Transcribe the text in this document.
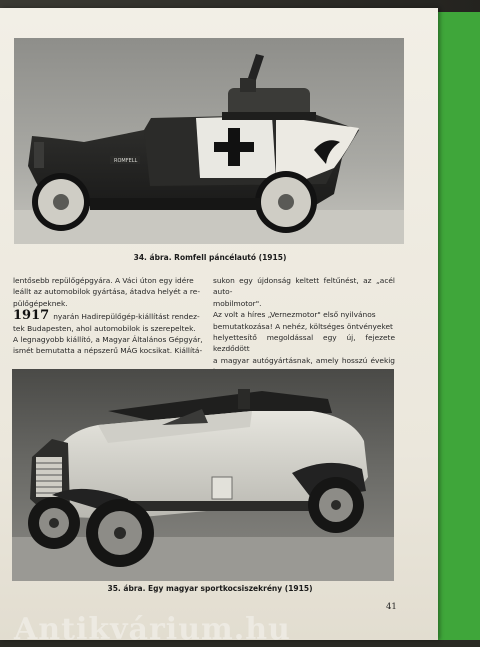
ROMFELL
34. ábra. Romfell páncélautó (1915)

lentősebb repülőgépgyára. A Váci úton egy idére

leállt az automobilok gyártása, átadva helyét a re-

pülőgépeknek.

1917 nyarán Hadirepülőgép-kiállítást rendez-

tek Budapesten, ahol automobilok is szerepeltek.

A legnagyobb kiállító, a Magyar Általános Gépgyár,

ismét bemutatta a népszerű MÁG kocsikat. Kiállítá-

sukon egy újdonság keltett feltűnést, az „acél auto-

mobilmotor".

Az volt a híres „Vernezmotor" első nyilvános

bemutatkozása! A nehéz, költséges öntvényeket

helyettesítő megoldással egy új, fejezete kezdődött

a magyar autógyártásnak, amely hosszú évekig

35. ábra. Egy magyar sportkocsiszekrény (1915)
41
Antikvárium.hu
